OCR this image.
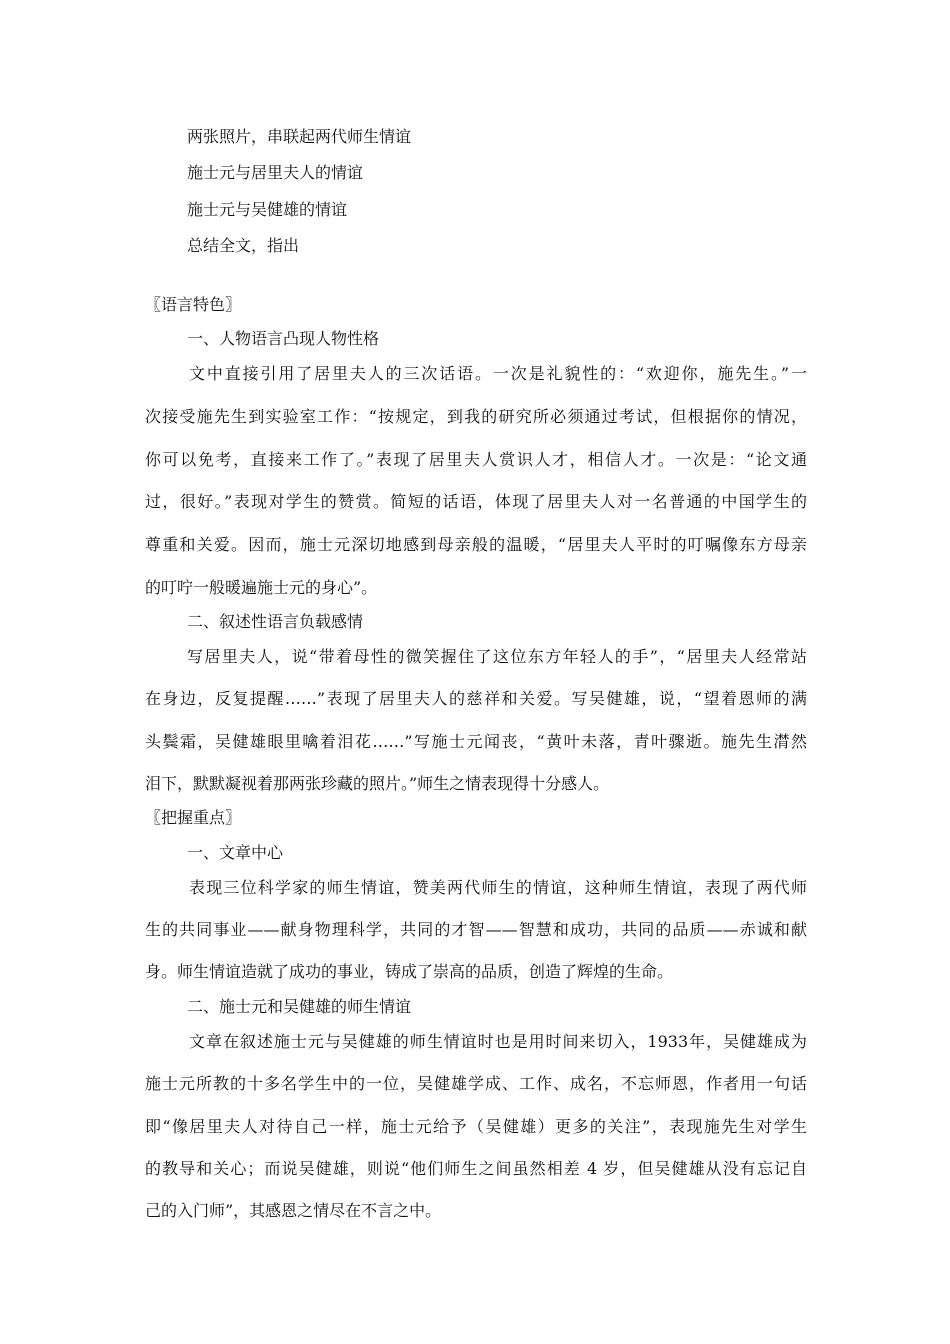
两张照片，串联起两代师生情谊
施士元与居里夫人的情谊
施士元与吴健雄的情谊
总结全文，指出
〖语言特色〗
一、人物语言凸现人物性格
文中直接引用了居里夫人的三次话语。一次是礼貌性的：“欢迎你，施先生。”一
次接受施先生到实验室工作：“按规定，到我的研究所必须通过考试，但根据你的情况，
你可以免考，直接来工作了。”表现了居里夫人赏识人才，相信人才。一次是：“论文通
过，很好。”表现对学生的赞赏。简短的话语，体现了居里夫人对一名普通的中国学生的
尊重和关爱。因而，施士元深切地感到母亲般的温暖，“居里夫人平时的叮嘱像东方母亲
的叮咛一般暖遍施士元的身心”。
二、叙述性语言负载感情
写居里夫人，说“带着母性的微笑握住了这位东方年轻人的手”，“居里夫人经常站
在身边，反复提醒……”表现了居里夫人的慈祥和关爱。写吴健雄，说，“望着恩师的满
头鬓霜，吴健雄眼里噙着泪花……”写施士元闻丧，“黄叶未落，青叶骤逝。施先生潸然
泪下，默默凝视着那两张珍藏的照片。”师生之情表现得十分感人。
〖把握重点〗
一、文章中心
表现三位科学家的师生情谊，赞美两代师生的情谊，这种师生情谊，表现了两代师
生的共同事业——献身物理科学，共同的才智——智慧和成功，共同的品质——赤诚和献
身。师生情谊造就了成功的事业，铸成了崇高的品质，创造了辉煌的生命。
二、施士元和吴健雄的师生情谊
文章在叙述施士元与吴健雄的师生情谊时也是用时间来切入，1933年，吴健雄成为
施士元所教的十多名学生中的一位，吴健雄学成、工作、成名，不忘师恩，作者用一句话
即“像居里夫人对待自己一样，施士元给予（吴健雄）更多的关注”，表现施先生对学生
的教导和关心；而说吴健雄，则说“他们师生之间虽然相差 4 岁，但吴健雄从没有忘记自
己的入门师”，其感恩之情尽在不言之中。
